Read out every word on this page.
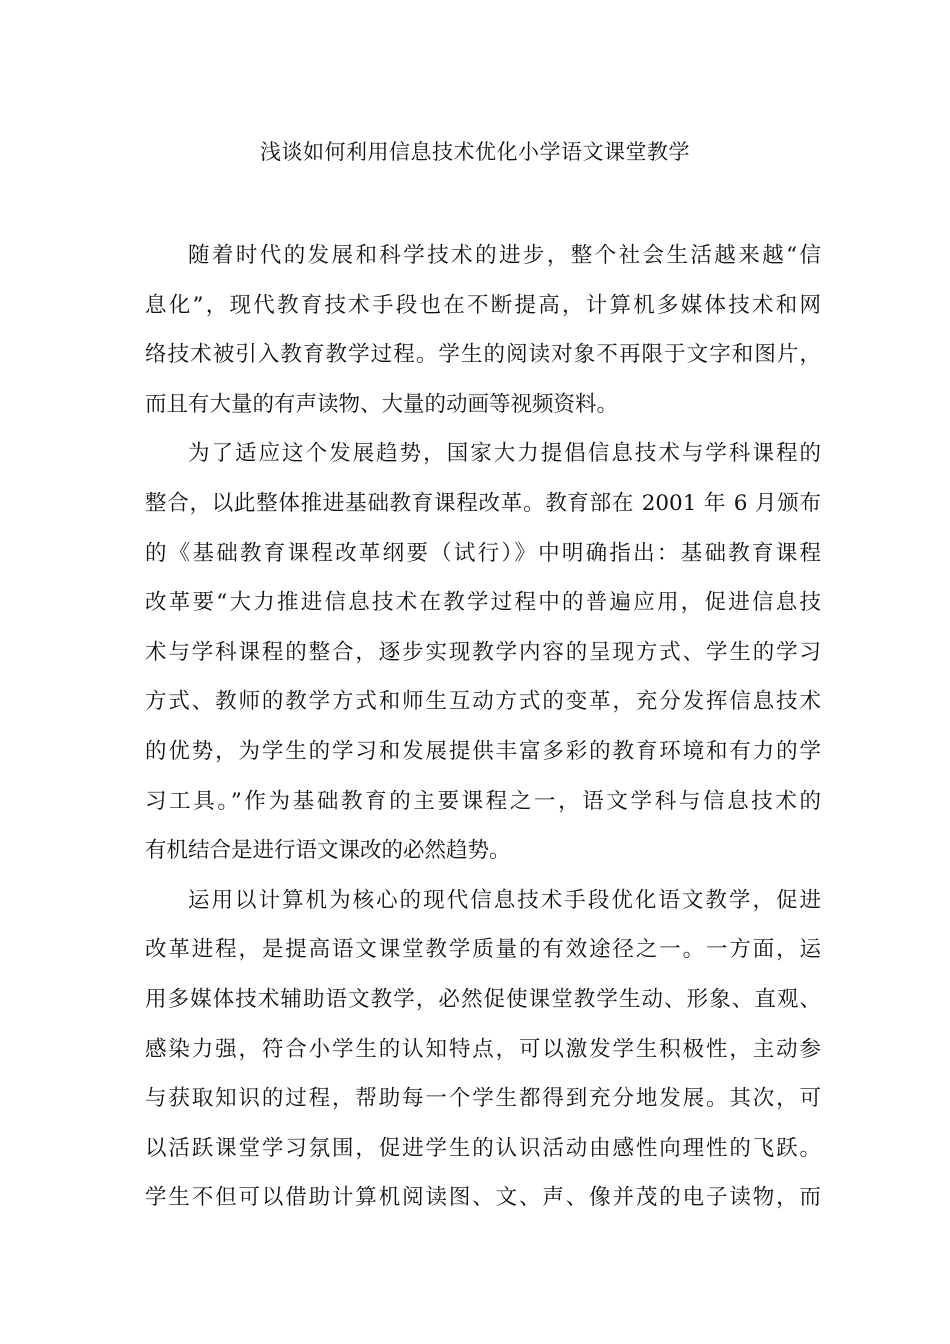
浅谈如何利用信息技术优化小学语文课堂教学
随着时代的发展和科学技术的进步，整个社会生活越来越“信
息化”，现代教育技术手段也在不断提高，计算机多媒体技术和网
络技术被引入教育教学过程。学生的阅读对象不再限于文字和图片，
而且有大量的有声读物、大量的动画等视频资料。
为了适应这个发展趋势，国家大力提倡信息技术与学科课程的
整合，以此整体推进基础教育课程改革。教育部在 2001 年 6 月颁布
的《基础教育课程改革纲要（试行）》中明确指出：基础教育课程
改革要“大力推进信息技术在教学过程中的普遍应用，促进信息技
术与学科课程的整合，逐步实现教学内容的呈现方式、学生的学习
方式、教师的教学方式和师生互动方式的变革，充分发挥信息技术
的优势，为学生的学习和发展提供丰富多彩的教育环境和有力的学
习工具。”作为基础教育的主要课程之一，语文学科与信息技术的
有机结合是进行语文课改的必然趋势。
运用以计算机为核心的现代信息技术手段优化语文教学，促进
改革进程，是提高语文课堂教学质量的有效途径之一。一方面，运
用多媒体技术辅助语文教学，必然促使课堂教学生动、形象、直观、
感染力强，符合小学生的认知特点，可以激发学生积极性，主动参
与获取知识的过程，帮助每一个学生都得到充分地发展。其次，可
以活跃课堂学习氛围，促进学生的认识活动由感性向理性的飞跃。
学生不但可以借助计算机阅读图、文、声、像并茂的电子读物，而
